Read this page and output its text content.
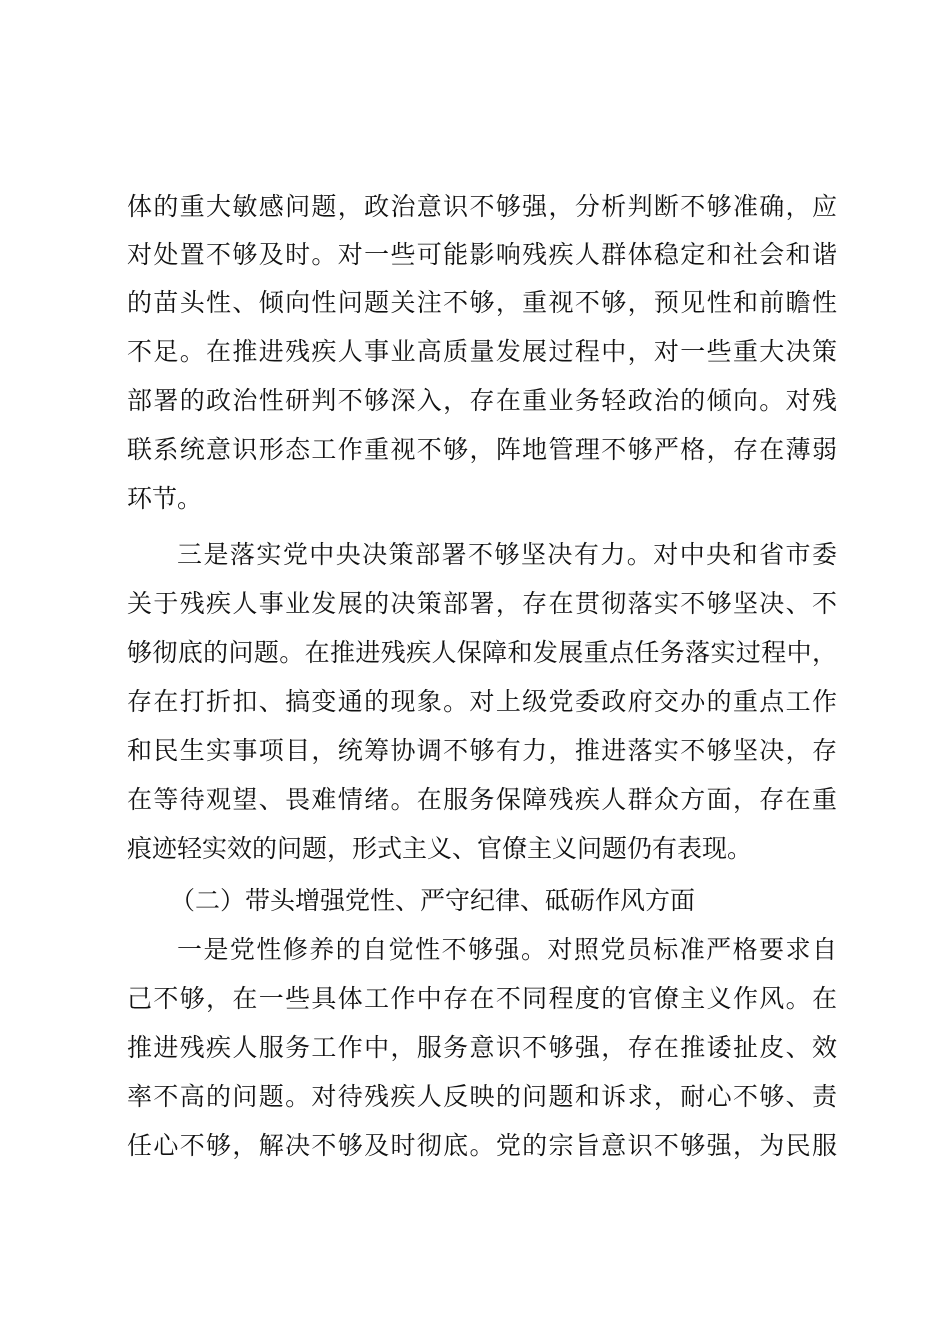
体的重大敏感问题，政治意识不够强，分析判断不够准确，应
对处置不够及时。对一些可能影响残疾人群体稳定和社会和谐
的苗头性、倾向性问题关注不够，重视不够，预见性和前瞻性
不足。在推进残疾人事业高质量发展过程中，对一些重大决策
部署的政治性研判不够深入，存在重业务轻政治的倾向。对残
联系统意识形态工作重视不够，阵地管理不够严格，存在薄弱
环节。
三是落实党中央决策部署不够坚决有力。对中央和省市委
关于残疾人事业发展的决策部署，存在贯彻落实不够坚决、不
够彻底的问题。在推进残疾人保障和发展重点任务落实过程中，
存在打折扣、搞变通的现象。对上级党委政府交办的重点工作
和民生实事项目，统筹协调不够有力，推进落实不够坚决，存
在等待观望、畏难情绪。在服务保障残疾人群众方面，存在重
痕迹轻实效的问题，形式主义、官僚主义问题仍有表现。
（二）带头增强党性、严守纪律、砥砺作风方面
一是党性修养的自觉性不够强。对照党员标准严格要求自
己不够，在一些具体工作中存在不同程度的官僚主义作风。在
推进残疾人服务工作中，服务意识不够强，存在推诿扯皮、效
率不高的问题。对待残疾人反映的问题和诉求，耐心不够、责
任心不够，解决不够及时彻底。党的宗旨意识不够强，为民服
